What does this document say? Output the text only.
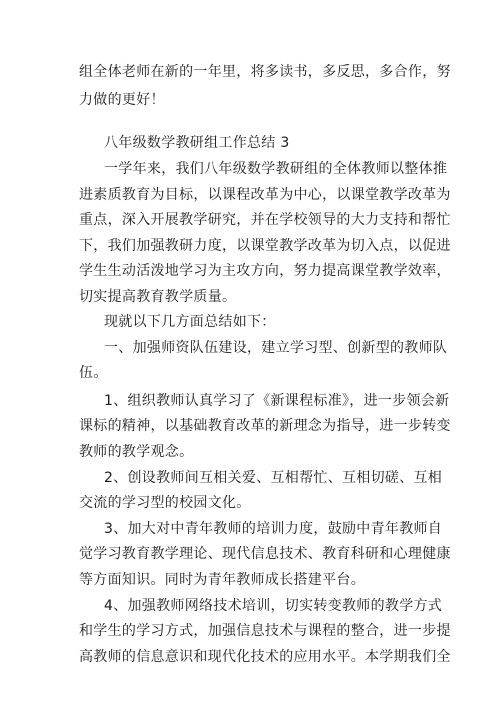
组全体老师在新的一年里，将多读书，多反思，多合作，努
力做的更好！
八年级数学教研组工作总结 3
一学年来，我们八年级数学教研组的全体教师以整体推
进素质教育为目标，以课程改革为中心，以课堂教学改革为
重点，深入开展教学研究，并在学校领导的大力支持和帮忙
下，我们加强教研力度，以课堂教学改革为切入点，以促进
学生生动活泼地学习为主攻方向，努力提高课堂教学效率，
切实提高教育教学质量。
现就以下几方面总结如下：
一、加强师资队伍建设，建立学习型、创新型的教师队
伍。
1、组织教师认真学习了《新课程标准》，进一步领会新
课标的精神，以基础教育改革的新理念为指导，进一步转变
教师的教学观念。
2、创设教师间互相关爱、互相帮忙、互相切磋、互相
交流的学习型的校园文化。
3、加大对中青年教师的培训力度，鼓励中青年教师自
觉学习教育教学理论、现代信息技术、教育科研和心理健康
等方面知识。同时为青年教师成长搭建平台。
4、加强教师网络技术培训，切实转变教师的教学方式
和学生的学习方式，加强信息技术与课程的整合，进一步提
高教师的信息意识和现代化技术的应用水平。本学期我们全
